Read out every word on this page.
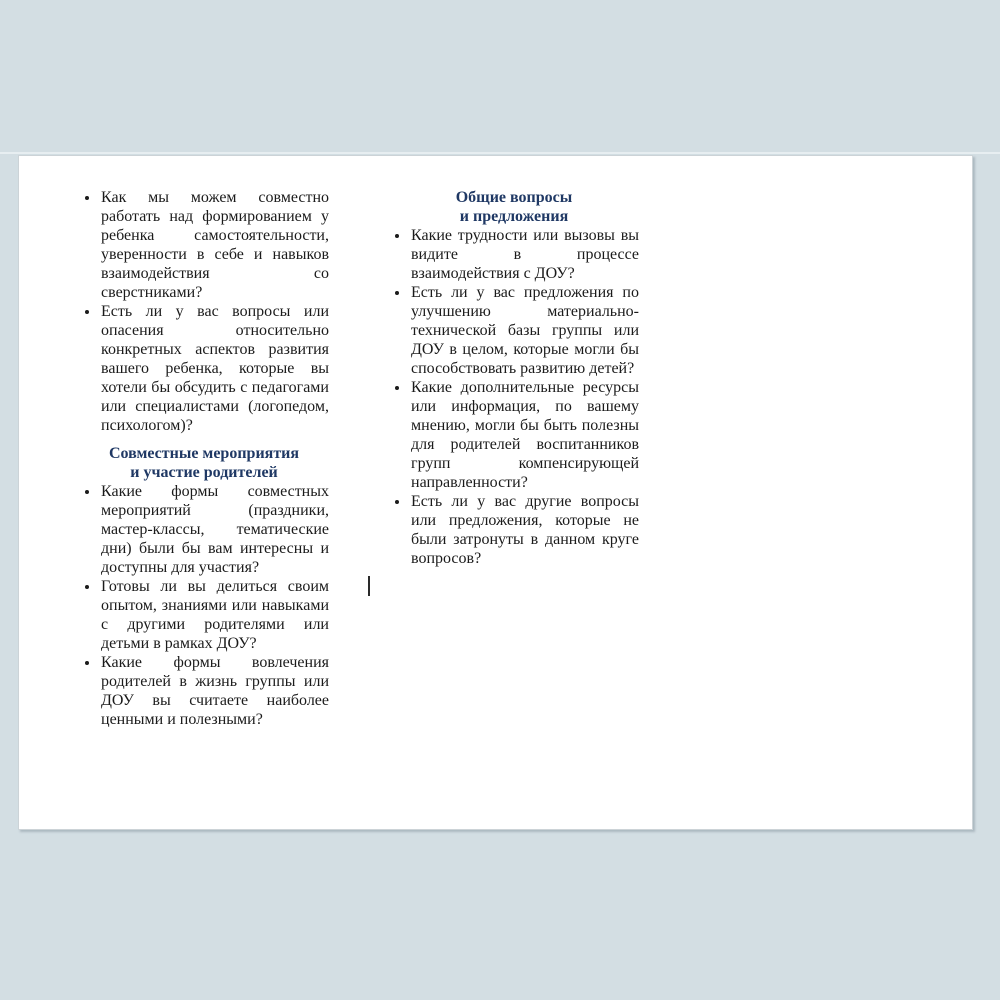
Как мы можем совместно работать над формированием у ребенка самостоятельности, уверенности в себе и навыков взаимодействия со сверстниками?
Есть ли у вас вопросы или опасения относительно конкретных аспектов развития вашего ребенка, которые вы хотели бы обсудить с педагогами или специалистами (логопедом, психологом)?
Совместные мероприятия
и участие родителей
Какие формы совместных мероприятий (праздники, мастер-классы, тематические дни) были бы вам интересны и доступны для участия?
Готовы ли вы делиться своим опытом, знаниями или навыками с другими родителями или детьми в рамках ДОУ?
Какие формы вовлечения родителей в жизнь группы или ДОУ вы считаете наиболее ценными и полезными?
Общие вопросы
и предложения
Какие трудности или вызовы вы видите в процессе взаимодействия с ДОУ?
Есть ли у вас предложения по улучшению материально-технической базы группы или ДОУ в целом, которые могли бы способствовать развитию детей?
Какие дополнительные ресурсы или информация, по вашему мнению, могли бы быть полезны для родителей воспитанников групп компенсирующей направленности?
Есть ли у вас другие вопросы или предложения, которые не были затронуты в данном круге вопросов?
